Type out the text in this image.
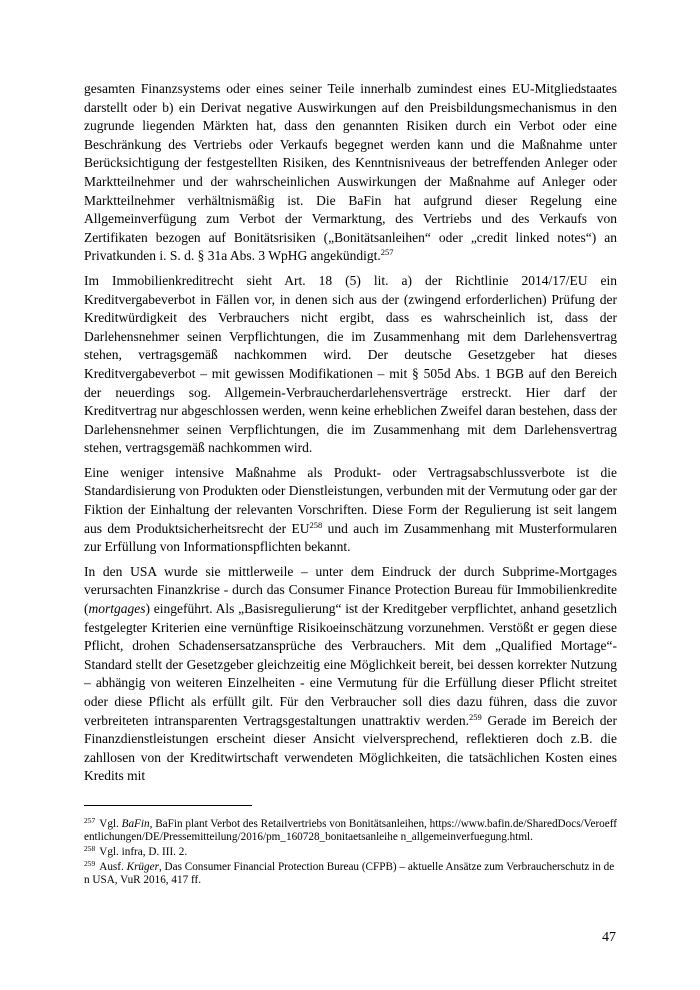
gesamten Finanzsystems oder eines seiner Teile innerhalb zumindest eines EU-Mitgliedstaates darstellt oder b) ein Derivat negative Auswirkungen auf den Preisbildungsmechanismus in den zugrunde liegenden Märkten hat, dass den genannten Risiken durch ein Verbot oder eine Beschränkung des Vertriebs oder Verkaufs begegnet werden kann und die Maßnahme unter Berücksichtigung der festgestellten Risiken, des Kenntnisniveaus der betreffenden Anleger oder Marktteilnehmer und der wahrscheinlichen Auswirkungen der Maßnahme auf Anleger oder Marktteilnehmer verhältnismäßig ist. Die BaFin hat aufgrund dieser Regelung eine Allgemeinverfügung zum Verbot der Vermarktung, des Vertriebs und des Verkaufs von Zertifikaten bezogen auf Bonitätsrisiken („Bonitätsanleihen“ oder „credit linked notes“) an Privatkunden i. S. d. § 31a Abs. 3 WpHG angekündigt.$^{257}$

Im Immobilienkreditrecht sieht Art. 18 (5) lit. a) der Richtlinie 2014/17/EU ein Kreditvergabeverbot in Fällen vor, in denen sich aus der (zwingend erforderlichen) Prüfung der Kreditwürdigkeit des Verbrauchers nicht ergibt, dass es wahrscheinlich ist, dass der Darlehensnehmer seinen Verpflichtungen, die im Zusammenhang mit dem Darlehensvertrag stehen, vertragsgemäß nachkommen wird. Der deutsche Gesetzgeber hat dieses Kreditvergabeverbot – mit gewissen Modifikationen – mit § 505d Abs. 1 BGB auf den Bereich der neuerdings sog. Allgemein-Verbraucherdarlehensverträge erstreckt. Hier darf der Kreditvertrag nur abgeschlossen werden, wenn keine erheblichen Zweifel daran bestehen, dass der Darlehensnehmer seinen Verpflichtungen, die im Zusammenhang mit dem Darlehensvertrag stehen, vertragsgemäß nachkommen wird.

Eine weniger intensive Maßnahme als Produkt- oder Vertragsabschlussverbote ist die Standardisierung von Produkten oder Dienstleistungen, verbunden mit der Vermutung oder gar der Fiktion der Einhaltung der relevanten Vorschriften. Diese Form der Regulierung ist seit langem aus dem Produktsicherheitsrecht der EU$^{258}$ und auch im Zusammenhang mit Musterformularen zur Erfüllung von Informationspflichten bekannt.

In den USA wurde sie mittlerweile – unter dem Eindruck der durch Subprime-Mortgages verursachten Finanzkrise - durch das Consumer Finance Protection Bureau für Immobilienkredite (mortgages) eingeführt. Als „Basisregulierung“ ist der Kreditgeber verpflichtet, anhand gesetzlich festgelegter Kriterien eine vernünftige Risikoeinschätzung vorzunehmen. Verstößt er gegen diese Pflicht, drohen Schadensersatzansprüche des Verbrauchers. Mit dem „Qualified Mortage“-Standard stellt der Gesetzgeber gleichzeitig eine Möglichkeit bereit, bei dessen korrekter Nutzung – abhängig von weiteren Einzelheiten - eine Vermutung für die Erfüllung dieser Pflicht streitet oder diese Pflicht als erfüllt gilt. Für den Verbraucher soll dies dazu führen, dass die zuvor verbreiteten intransparenten Vertragsgestaltungen unattraktiv werden.$^{259}$ Gerade im Bereich der Finanzdienstleistungen erscheint dieser Ansicht vielversprechend, reflektieren doch z.B. die zahllosen von der Kreditwirtschaft verwendeten Möglichkeiten, die tatsächlichen Kosten eines Kredits mit

$^{257}$ Vgl. BaFin, BaFin plant Verbot des Retailvertriebs von Bonitätsanleihen, https://www.bafin.de/SharedDocs/Veroeffentlichungen/DE/Pressemitteilung/2016/pm_160728_bonitaetsanleihe n_allgemeinverfuegung.html.

$^{258}$ Vgl. infra, D. III. 2.

$^{259}$ Ausf. Krüger, Das Consumer Financial Protection Bureau (CFPB) – aktuelle Ansätze zum Verbraucherschutz in den USA, VuR 2016, 417 ff.

47
